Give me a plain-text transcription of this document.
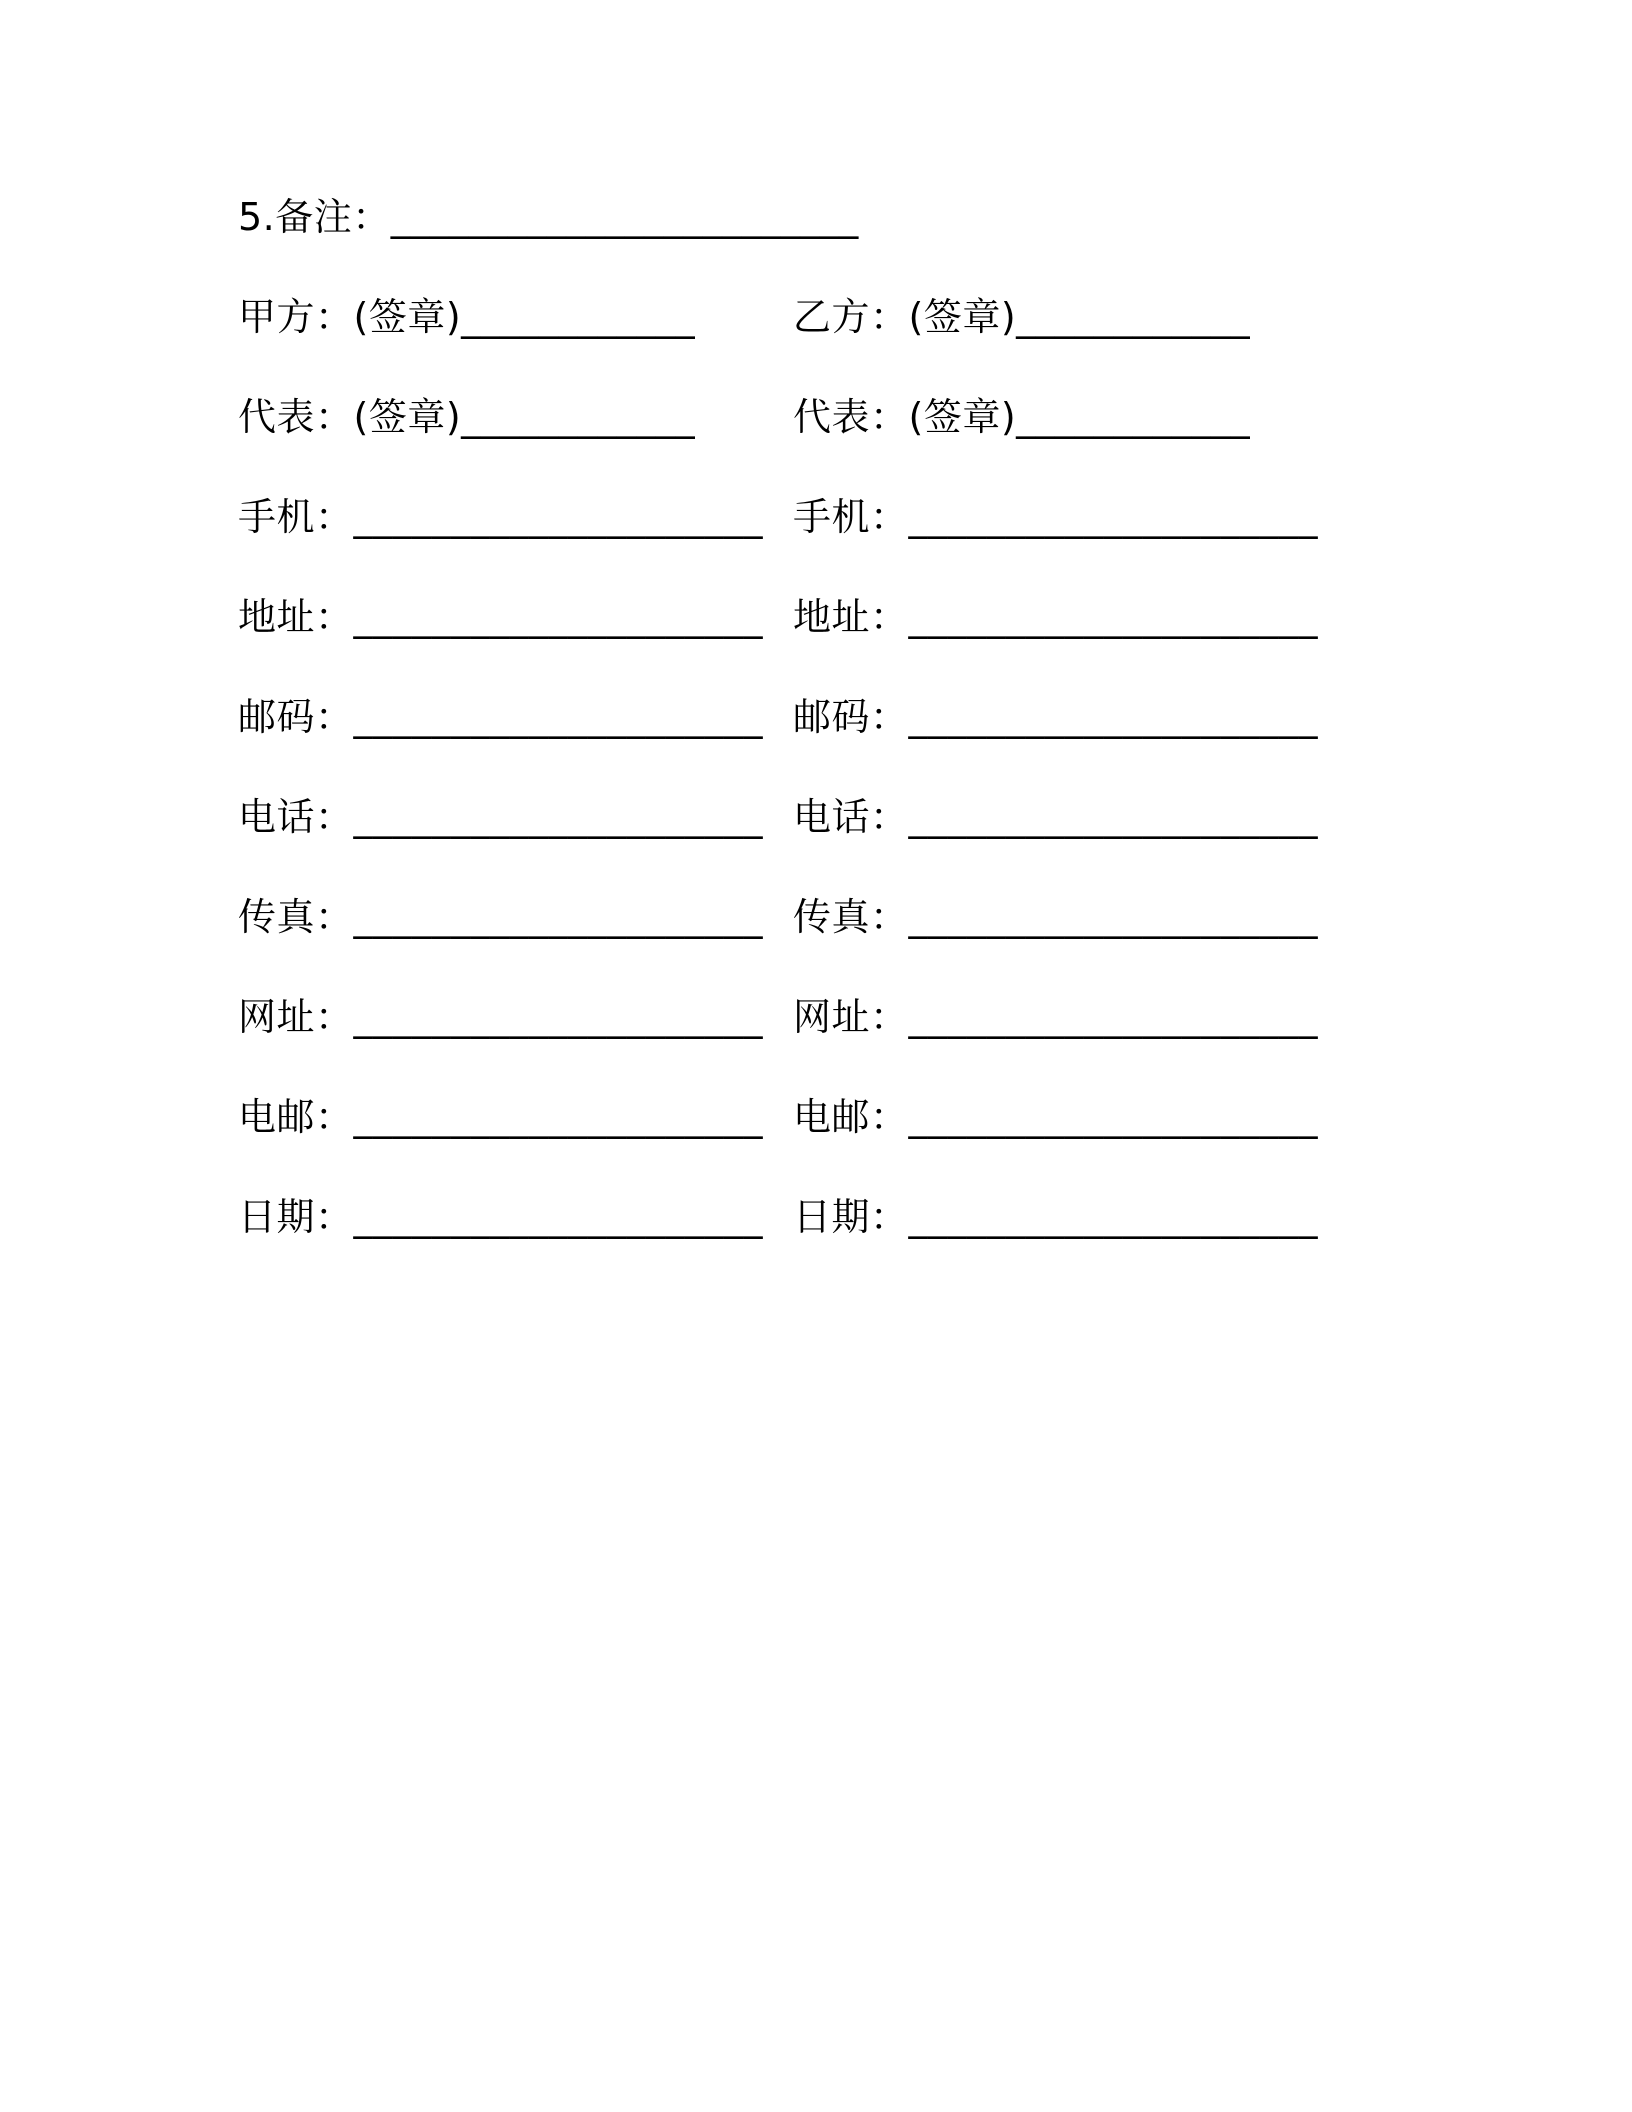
5.备注：________________________
甲方：(签章)____________
代表：(签章)____________
手机：_____________________
地址：_____________________
邮码：_____________________
电话：_____________________
传真：_____________________
网址：_____________________
电邮：_____________________
日期：_____________________
乙方：(签章)____________
代表：(签章)____________
手机：_____________________
地址：_____________________
邮码：_____________________
电话：_____________________
传真：_____________________
网址：_____________________
电邮：_____________________
日期：_____________________
